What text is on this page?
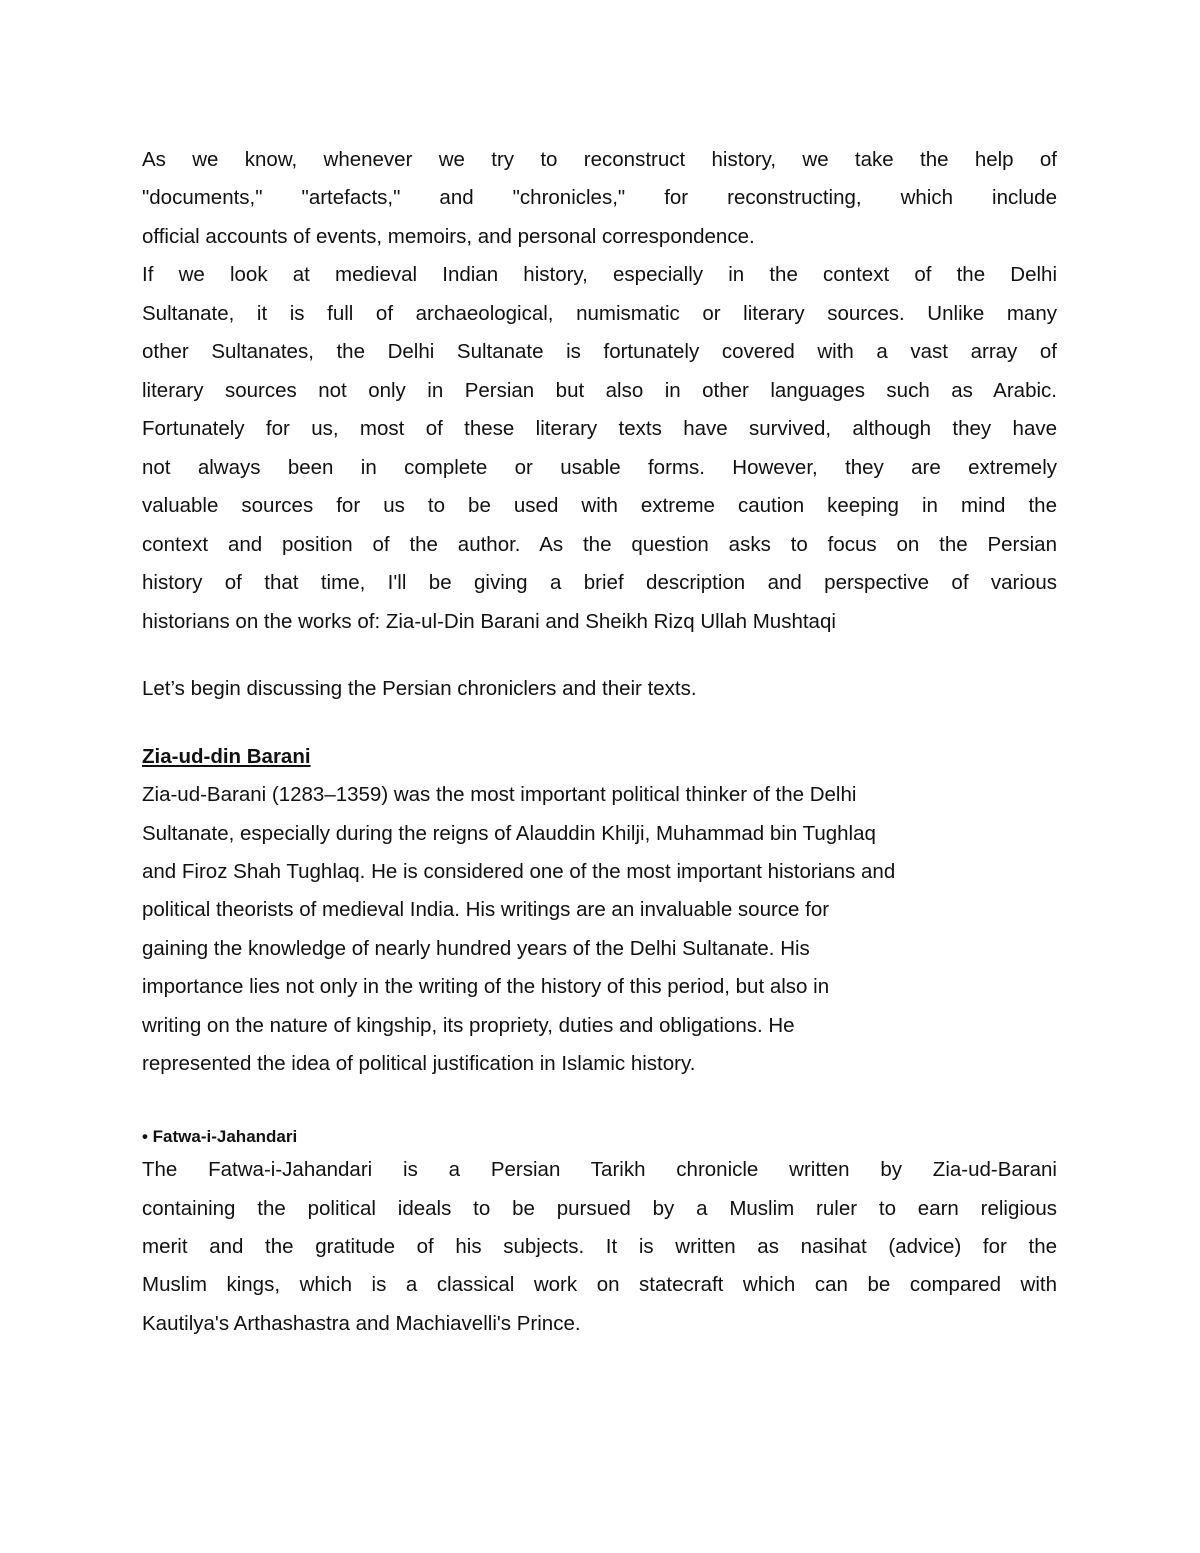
As we know, whenever we try to reconstruct history, we take the help of
"documents," "artefacts," and "chronicles," for reconstructing, which include
official accounts of events, memoirs, and personal correspondence.
If we look at medieval Indian history, especially in the context of the Delhi
Sultanate, it is full of archaeological, numismatic or literary sources. Unlike many
other Sultanates, the Delhi Sultanate is fortunately covered with a vast array of
literary sources not only in Persian but also in other languages such as Arabic.
Fortunately for us, most of these literary texts have survived, although they have
not always been in complete or usable forms. However, they are extremely
valuable sources for us to be used with extreme caution keeping in mind the
context and position of the author. As the question asks to focus on the Persian
history of that time, I'll be giving a brief description and perspective of various
historians on the works of: Zia-ul-Din Barani and Sheikh Rizq Ullah Mushtaqi
Let’s begin discussing the Persian chroniclers and their texts.
Zia-ud-din Barani
Zia-ud-Barani (1283–1359) was the most important political thinker of the Delhi
Sultanate, especially during the reigns of Alauddin Khilji, Muhammad bin Tughlaq
and Firoz Shah Tughlaq. He is considered one of the most important historians and
political theorists of medieval India. His writings are an invaluable source for
gaining the knowledge of nearly hundred years of the Delhi Sultanate. His
importance lies not only in the writing of the history of this period, but also in
writing on the nature of kingship, its propriety, duties and obligations. He
represented the idea of political justification in Islamic history.
• Fatwa-i-Jahandari
The Fatwa-i-Jahandari is a Persian Tarikh chronicle written by Zia-ud-Barani
containing the political ideals to be pursued by a Muslim ruler to earn religious
merit and the gratitude of his subjects. It is written as nasihat (advice) for the
Muslim kings, which is a classical work on statecraft which can be compared with
Kautilya's Arthashastra and Machiavelli's Prince.
